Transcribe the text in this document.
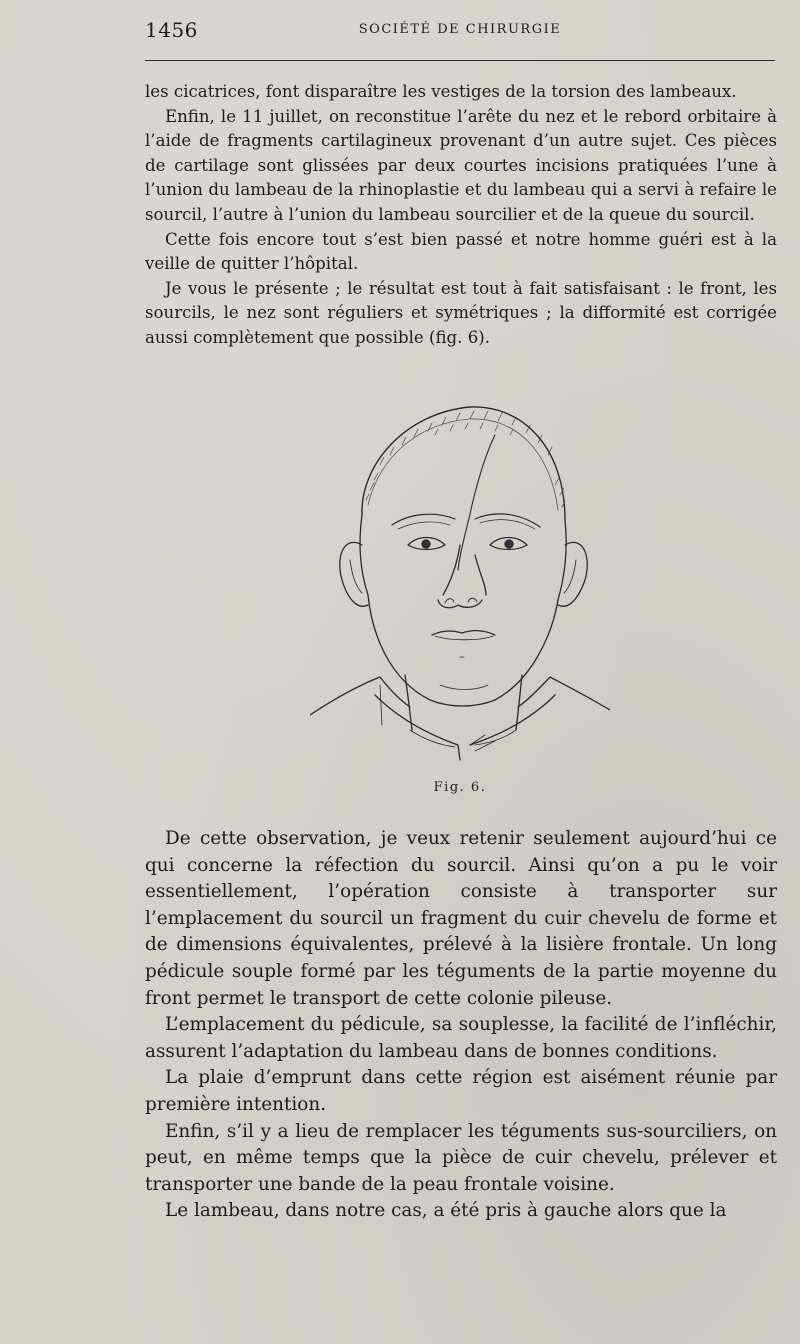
1456	SOCIÉTÉ DE CHIRURGIE

les cicatrices, font disparaître les vestiges de la torsion des lambeaux.

Enfin, le 11 juillet, on reconstitue l’arête du nez et le rebord orbitaire à l’aide de fragments cartilagineux provenant d’un autre sujet. Ces pièces de cartilage sont glissées par deux courtes incisions pratiquées l’une à l’union du lambeau de la rhinoplastie et du lambeau qui a servi à refaire le sourcil, l’autre à l’union du lambeau sourcilier et de la queue du sourcil.

Cette fois encore tout s’est bien passé et notre homme guéri est à la veille de quitter l’hôpital.

Je vous le présente ; le résultat est tout à fait satisfaisant : le front, les sourcils, le nez sont réguliers et symétriques ; la difformité est corrigée aussi complètement que possible (fig. 6).

Fig. 6.

De cette observation, je veux retenir seulement aujourd’hui ce qui concerne la réfection du sourcil. Ainsi qu’on a pu le voir essentiellement, l’opération consiste à transporter sur l’emplacement du sourcil un fragment du cuir chevelu de forme et de dimensions équivalentes, prélevé à la lisière frontale. Un long pédicule souple formé par les téguments de la partie moyenne du front permet le transport de cette colonie pileuse.

L’emplacement du pédicule, sa souplesse, la facilité de l’infléchir, assurent l’adaptation du lambeau dans de bonnes conditions.

La plaie d’emprunt dans cette région est aisément réunie par première intention.

Enfin, s’il y a lieu de remplacer les téguments sus-sourciliers, on peut, en même temps que la pièce de cuir chevelu, prélever et transporter une bande de la peau frontale voisine.

Le lambeau, dans notre cas, a été pris à gauche alors que la
